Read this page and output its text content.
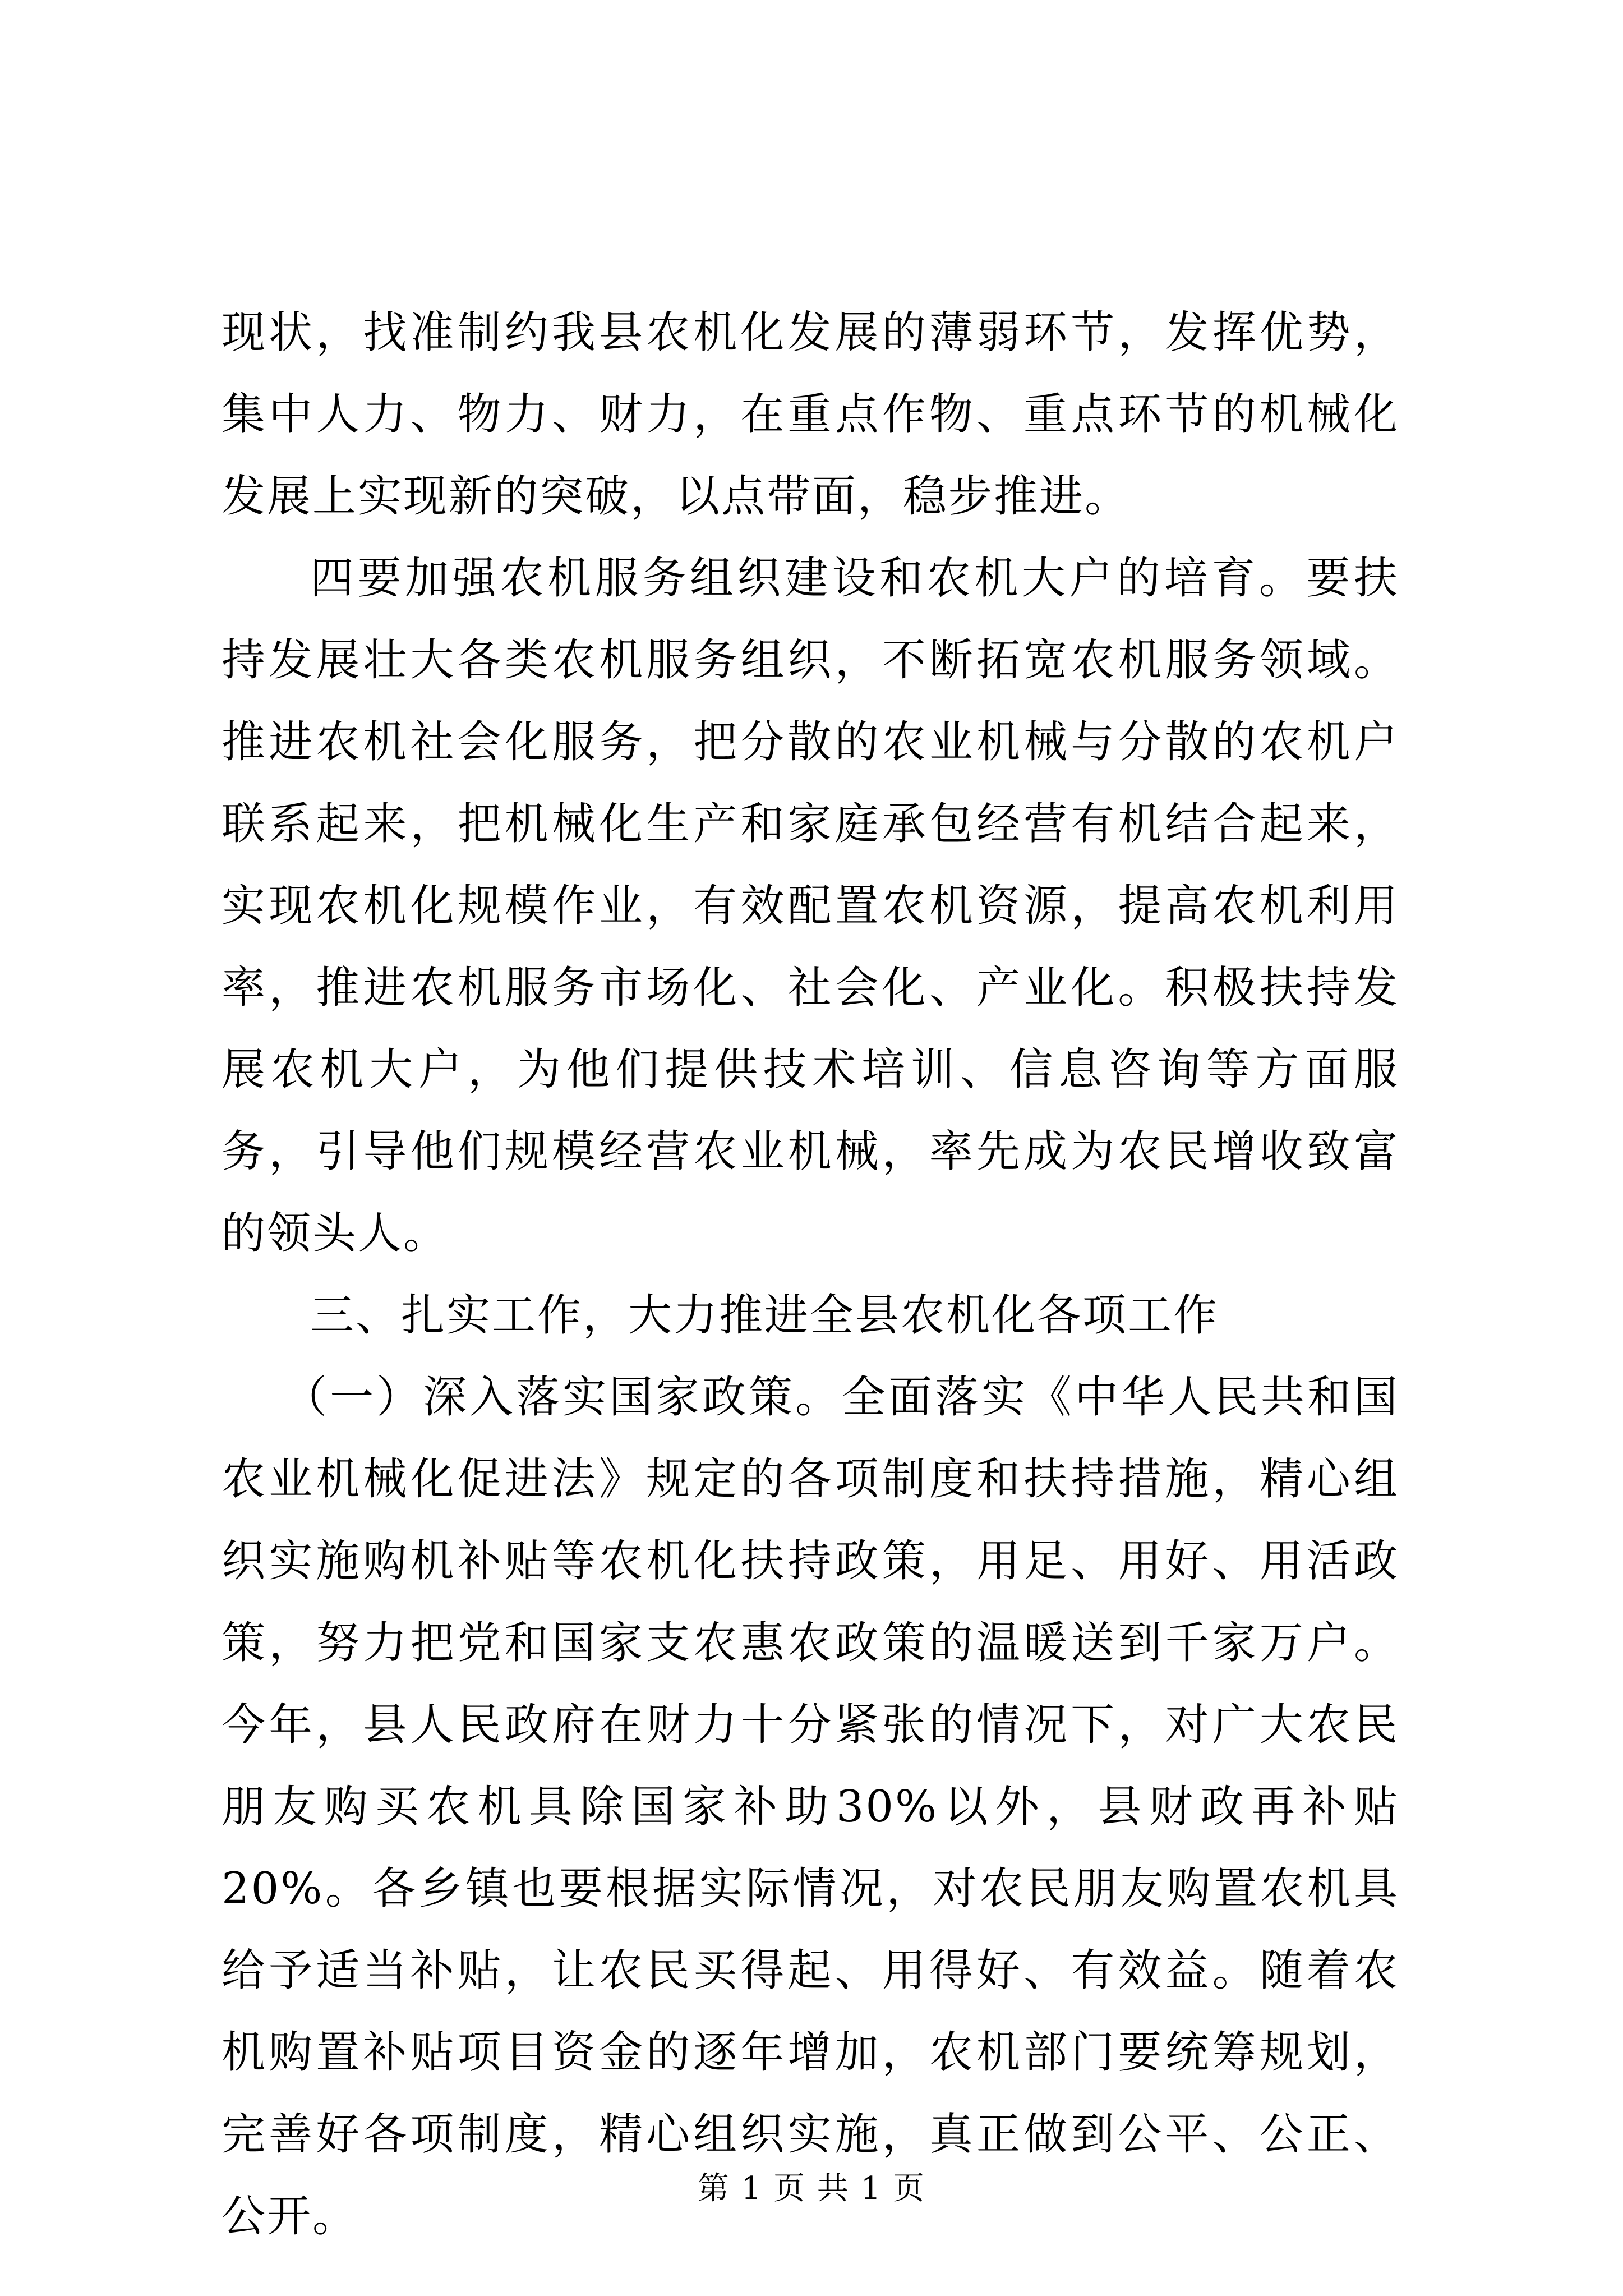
现状，找准制约我县农机化发展的薄弱环节，发挥优势，集中人力、物力、财力，在重点作物、重点环节的机械化发展上实现新的突破，以点带面，稳步推进。

四要加强农机服务组织建设和农机大户的培育。要扶持发展壮大各类农机服务组织，不断拓宽农机服务领域。推进农机社会化服务，把分散的农业机械与分散的农机户联系起来，把机械化生产和家庭承包经营有机结合起来，实现农机化规模作业，有效配置农机资源，提高农机利用率，推进农机服务市场化、社会化、产业化。积极扶持发展农机大户，为他们提供技术培训、信息咨询等方面服务，引导他们规模经营农业机械，率先成为农民增收致富的领头人。

三、扎实工作，大力推进全县农机化各项工作

（一）深入落实国家政策。全面落实《中华人民共和国农业机械化促进法》规定的各项制度和扶持措施，精心组织实施购机补贴等农机化扶持政策，用足、用好、用活政策，努力把党和国家支农惠农政策的温暖送到千家万户。今年，县人民政府在财力十分紧张的情况下，对广大农民朋友购买农机具除国家补助30%以外，县财政再补贴20%。各乡镇也要根据实际情况，对农民朋友购置农机具给予适当补贴，让农民买得起、用得好、有效益。随着农机购置补贴项目资金的逐年增加，农机部门要统筹规划，完善好各项制度，精心组织实施，真正做到公平、公正、公开。

第 1 页 共 1 页
